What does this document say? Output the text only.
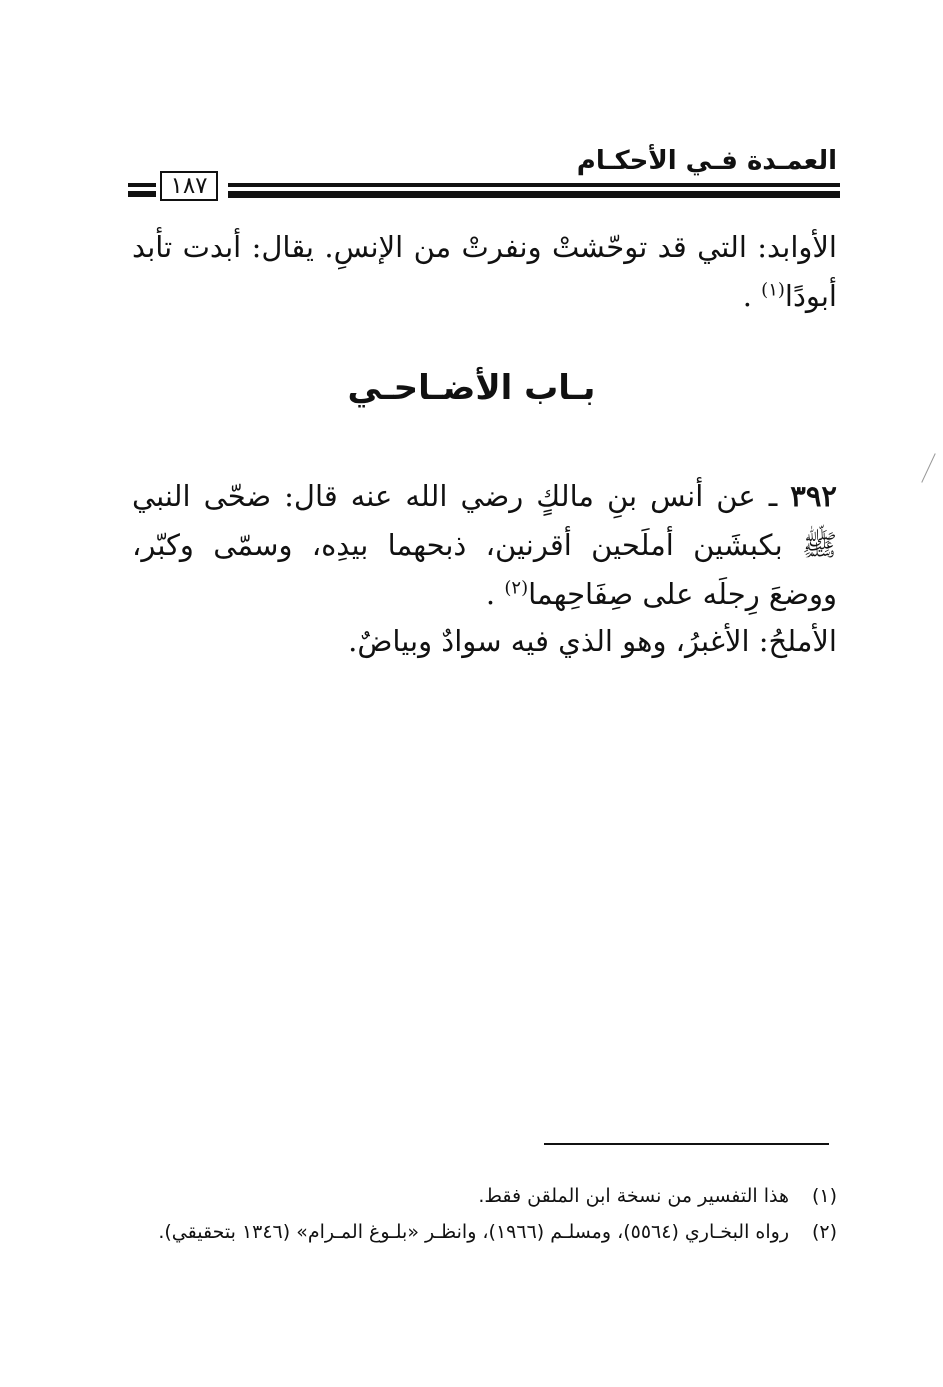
العمـدة فـي الأحكـام
١٨٧
الأوابد: التي قد توحّشتْ ونفرتْ من الإنسِ. يقال: أبدت تأبد أبودًا$^{(١)}$ .
بـاب الأضـاحـي
٣٩٢ ـ عن أنس بنِ مالكٍ رضي الله عنه قال: ضحّى النبي ﷺ بكبشَين أملَحين أقرنين، ذبحهما بيدِه، وسمّى وكبّر، ووضعَ رِجلَه على صِفَاحِهما$^{(٢)}$ .
الأملحُ: الأغبرُ، وهو الذي فيه سوادٌ وبياضٌ.
(١)
هذا التفسير من نسخة ابن الملقن فقط.
(٢)
رواه البخـاري (٥٥٦٤)، ومسلـم (١٩٦٦)، وانظـر «بلـوغ المـرام» (١٣٤٦ بتحقيقي).
